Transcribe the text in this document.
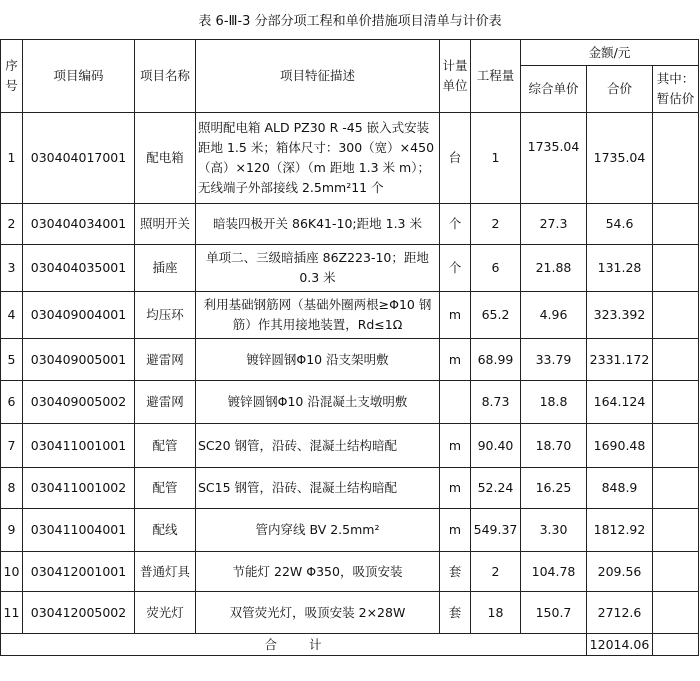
表 6-Ⅲ-3 分部分项工程和单价措施项目清单与计价表
序号	项目编码	项目名称	项目特征描述	计量单位	工程量	金额/元		
						综合单价	合价	其中：暂估价
1	030404017001	配电箱	照明配电箱 ALD PZ30 R -45 嵌入式安装距地 1.5 米；箱体尺寸：300（宽）×450（高）×120（深）（m 距地 1.3 米 m）；无线端子外部接线 2.5mm²11 个	台	1	1735.04	1735.04	
2	030404034001	照明开关	暗装四极开关 86K41-10;距地 1.3 米	个	2	27.3	54.6	
3	030404035001	插座	单项二、三级暗插座 86Z223-10；距地 0.3 米	个	6	21.88	131.28	
4	030409004001	均压环	利用基础钢筋网（基础外圈两根≥Φ10 钢筋）作其用接地装置，Rd≤1Ω	m	65.2	4.96	323.392	
5	030409005001	避雷网	镀锌圆钢Φ10 沿支架明敷	m	68.99	33.79	2331.172	
6	030409005002	避雷网	镀锌圆钢Φ10 沿混凝土支墩明敷		8.73	18.8	164.124	
7	030411001001	配管	SC20 钢管，沿砖、混凝土结构暗配	m	90.40	18.70	1690.48	
8	030411001002	配管	SC15 钢管，沿砖、混凝土结构暗配	m	52.24	16.25	848.9	
9	030411004001	配线	管内穿线 BV 2.5mm²	m	549.37	3.30	1812.92	
10	030412001001	普通灯具	节能灯 22W Φ350，吸顶安装	套	2	104.78	209.56	
11	030412005002	荧光灯	双管荧光灯，吸顶安装 2×28W	套	18	150.7	2712.6	
合 计							12014.06	
